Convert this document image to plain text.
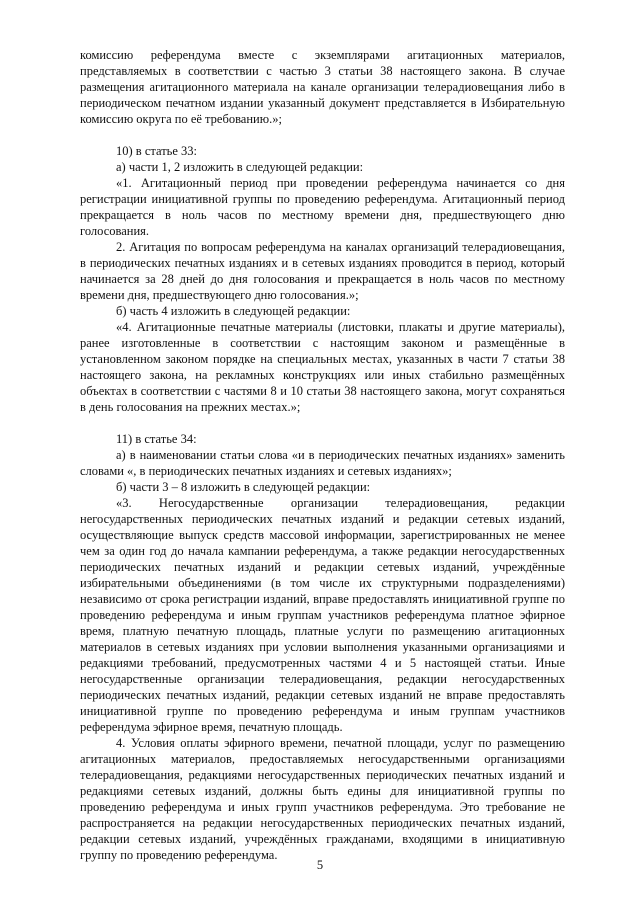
комиссию референдума вместе с экземплярами агитационных материалов, представляемых в соответствии с частью 3 статьи 38 настоящего закона. В случае размещения агитационного материала на канале организации телерадиовещания либо в периодическом печатном издании указанный документ представляется в Избирательную комиссию округа по её требованию.»;

10) в статье 33:

а) части 1, 2 изложить в следующей редакции:

«1. Агитационный период при проведении референдума начинается со дня регистрации инициативной группы по проведению референдума. Агитационный период прекращается в ноль часов по местному времени дня, предшествующего дню голосования.

2. Агитация по вопросам референдума на каналах организаций телерадиовещания, в периодических печатных изданиях и в сетевых изданиях проводится в период, который начинается за 28 дней до дня голосования и прекращается в ноль часов по местному времени дня, предшествующего дню голосования.»;

б) часть 4 изложить в следующей редакции:

«4. Агитационные печатные материалы (листовки, плакаты и другие материалы), ранее изготовленные в соответствии с настоящим законом и размещённые в установленном законом порядке на специальных местах, указанных в части 7 статьи 38 настоящего закона, на рекламных конструкциях или иных стабильно размещённых объектах в соответствии с частями 8 и 10 статьи 38 настоящего закона, могут сохраняться в день голосования на прежних местах.»;

11) в статье 34:

а) в наименовании статьи слова «и в периодических печатных изданиях» заменить словами «, в периодических печатных изданиях и сетевых изданиях»;

б) части 3 – 8 изложить в следующей редакции:

«3. Негосударственные организации телерадиовещания, редакции негосударственных периодических печатных изданий и редакции сетевых изданий, осуществляющие выпуск средств массовой информации, зарегистрированных не менее чем за один год до начала кампании референдума, а также редакции негосударственных периодических печатных изданий и редакции сетевых изданий, учреждённые избирательными объединениями (в том числе их структурными подразделениями) независимо от срока регистрации изданий, вправе предоставлять инициативной группе по проведению референдума и иным группам участников референдума платное эфирное время, платную печатную площадь, платные услуги по размещению агитационных материалов в сетевых изданиях при условии выполнения указанными организациями и редакциями требований, предусмотренных частями 4 и 5 настоящей статьи. Иные негосударственные организации телерадиовещания, редакции негосударственных периодических печатных изданий, редакции сетевых изданий не вправе предоставлять инициативной группе по проведению референдума и иным группам участников референдума эфирное время, печатную площадь.

4. Условия оплаты эфирного времени, печатной площади, услуг по размещению агитационных материалов, предоставляемых негосударственными организациями телерадиовещания, редакциями негосударственных периодических печатных изданий и редакциями сетевых изданий, должны быть едины для инициативной группы по проведению референдума и иных групп участников референдума. Это требование не распространяется на редакции негосударственных периодических печатных изданий, редакции сетевых изданий, учреждённых гражданами, входящими в инициативную группу по проведению референдума.

5
